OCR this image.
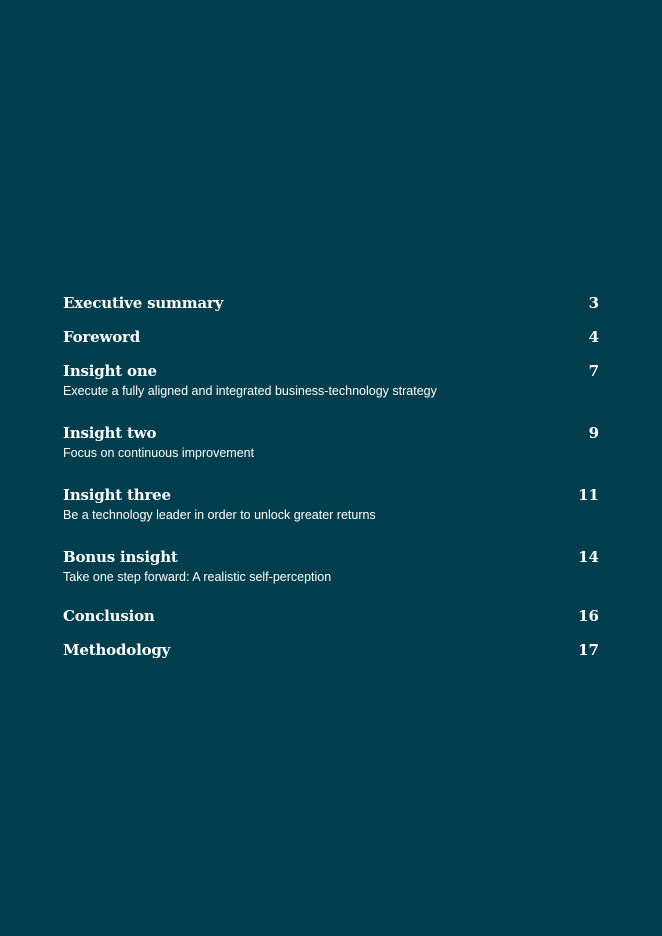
Executive summary	3
Foreword	4
Insight one	7
Execute a fully aligned and integrated business-technology strategy
Insight two	9
Focus on continuous improvement
Insight three	11
Be a technology leader in order to unlock greater returns
Bonus insight	14
Take one step forward: A realistic self-perception
Conclusion	16
Methodology	17
